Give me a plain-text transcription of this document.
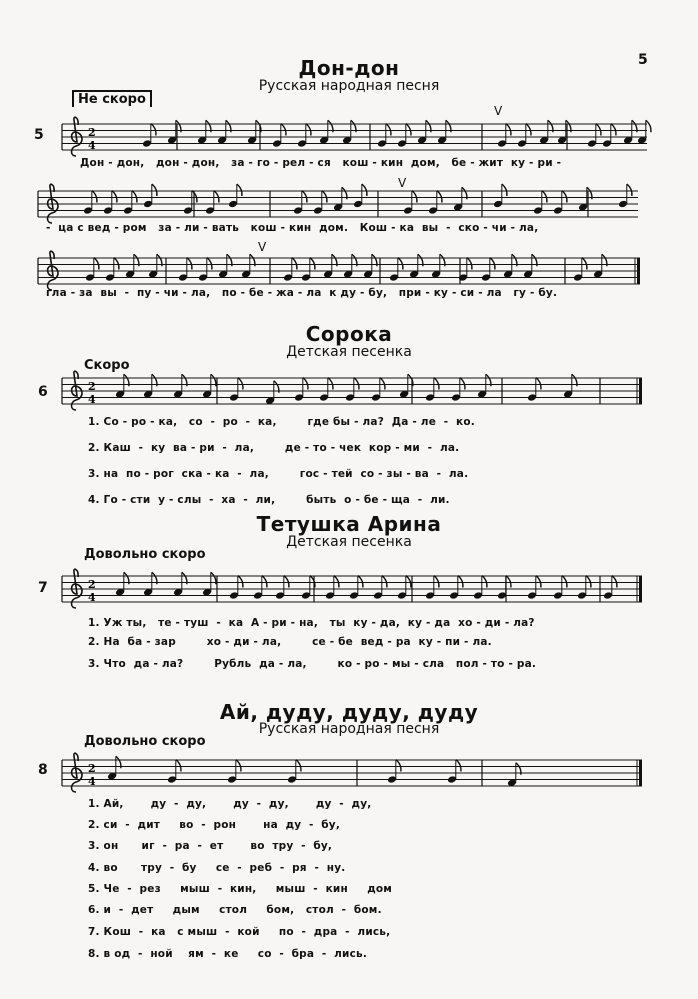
5
Дон-дон
Русская народная песня
Не скоро
5
V
V
V
2
4
Дон - дон,   дон - дон,   за - го - рел - ся   кош - кин  дом,   бе - жит  ку - ри -
-  ца с вед - ром   за - ли - вать   кош - кин  дом.   Кош - ка  вы  -  ско - чи - ла,
гла - за  вы  -  пу - чи - ла,   по - бе - жа - ла  к ду - бу,   при - ку - си - ла   гу - бу.
Сорока
Детская песенка
Скоро
6	2
4
1. Со - ро - ка,   со  -  ро  -  ка,        где бы - ла?  Да - ле  -  ко.
2. Каш  -  ку  ва - ри  -  ла,        де - то - чек  кор - ми  -  ла.
3. на  по - рог  ска - ка  -  ла,        гос - тей  со - зы - ва  -  ла.
4. Го - сти  у - слы  -  ха  -  ли,        быть  о - бе - ща  -  ли.
Тетушка Арина
Детская песенка
Довольно скоро
7	2
4
1. Уж ты,   те - туш  -  ка  А - ри - на,   ты  ку - да,  ку - да  хо - ди - ла?
2. На  ба - зар        хо - ди - ла,        се - бе  вед - ра  ку - пи - ла.
3. Что  да - ла?        Рубль  да - ла,        ко - ро - мы - сла   пол - то - ра.
Ай, дуду, дуду, дуду
Русская народная песня
Довольно скоро
8	2
4
1. Ай,       ду  -  ду,       ду  -  ду,       ду  -  ду,
2. си  -  дит     во  -  рон       на  ду  -  бу,
3. он      иг  -  ра  -  ет       во  тру  -  бу,
4. во      тру  -  бу     се  -  реб  -  ря  -  ну.
5. Че  -  рез     мыш  -  кин,     мыш  -  кин     дом
6. и  -  дет     дым     стол     бом,   стол  -  бом.
7. Кош  -  ка   с мыш  -  кой     по  -  дра  -  лись,
8. в од  -  ной    ям  -  ке     со  -  бра  -  лись.
